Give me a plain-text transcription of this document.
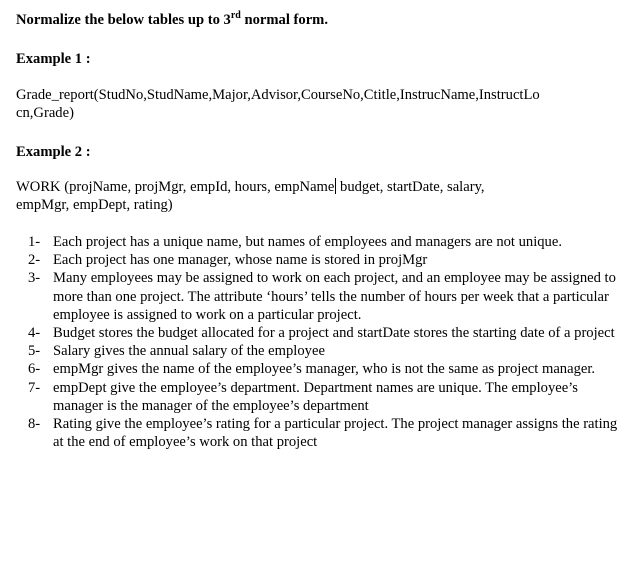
Normalize the below tables up to 3rd normal form.
Example 1 :
Grade_report(StudNo,StudName,Major,Advisor,CourseNo,Ctitle,InstrucName,InstructLo
cn,Grade)
Example 2 :
WORK (projName, projMgr, empId, hours, empName budget, startDate, salary,
empMgr, empDept, rating)
1- Each project has a unique name, but names of employees and managers are not unique.
2- Each project has one manager, whose name is stored in projMgr
3- Many employees may be assigned to work on each project, and an employee may be assigned to more than one project. The attribute ‘hours’ tells the number of hours per week that a particular employee is assigned to work on a particular project.
4- Budget stores the budget allocated for a project and startDate stores the starting date of a project
5- Salary gives the annual salary of the employee
6- empMgr gives the name of the employee’s manager, who is not the same as project manager.
7- empDept give the employee’s department. Department names are unique. The employee’s manager is the manager of the employee’s department
8- Rating give the employee’s rating for a particular project. The project manager assigns the rating at the end of employee’s work on that project
